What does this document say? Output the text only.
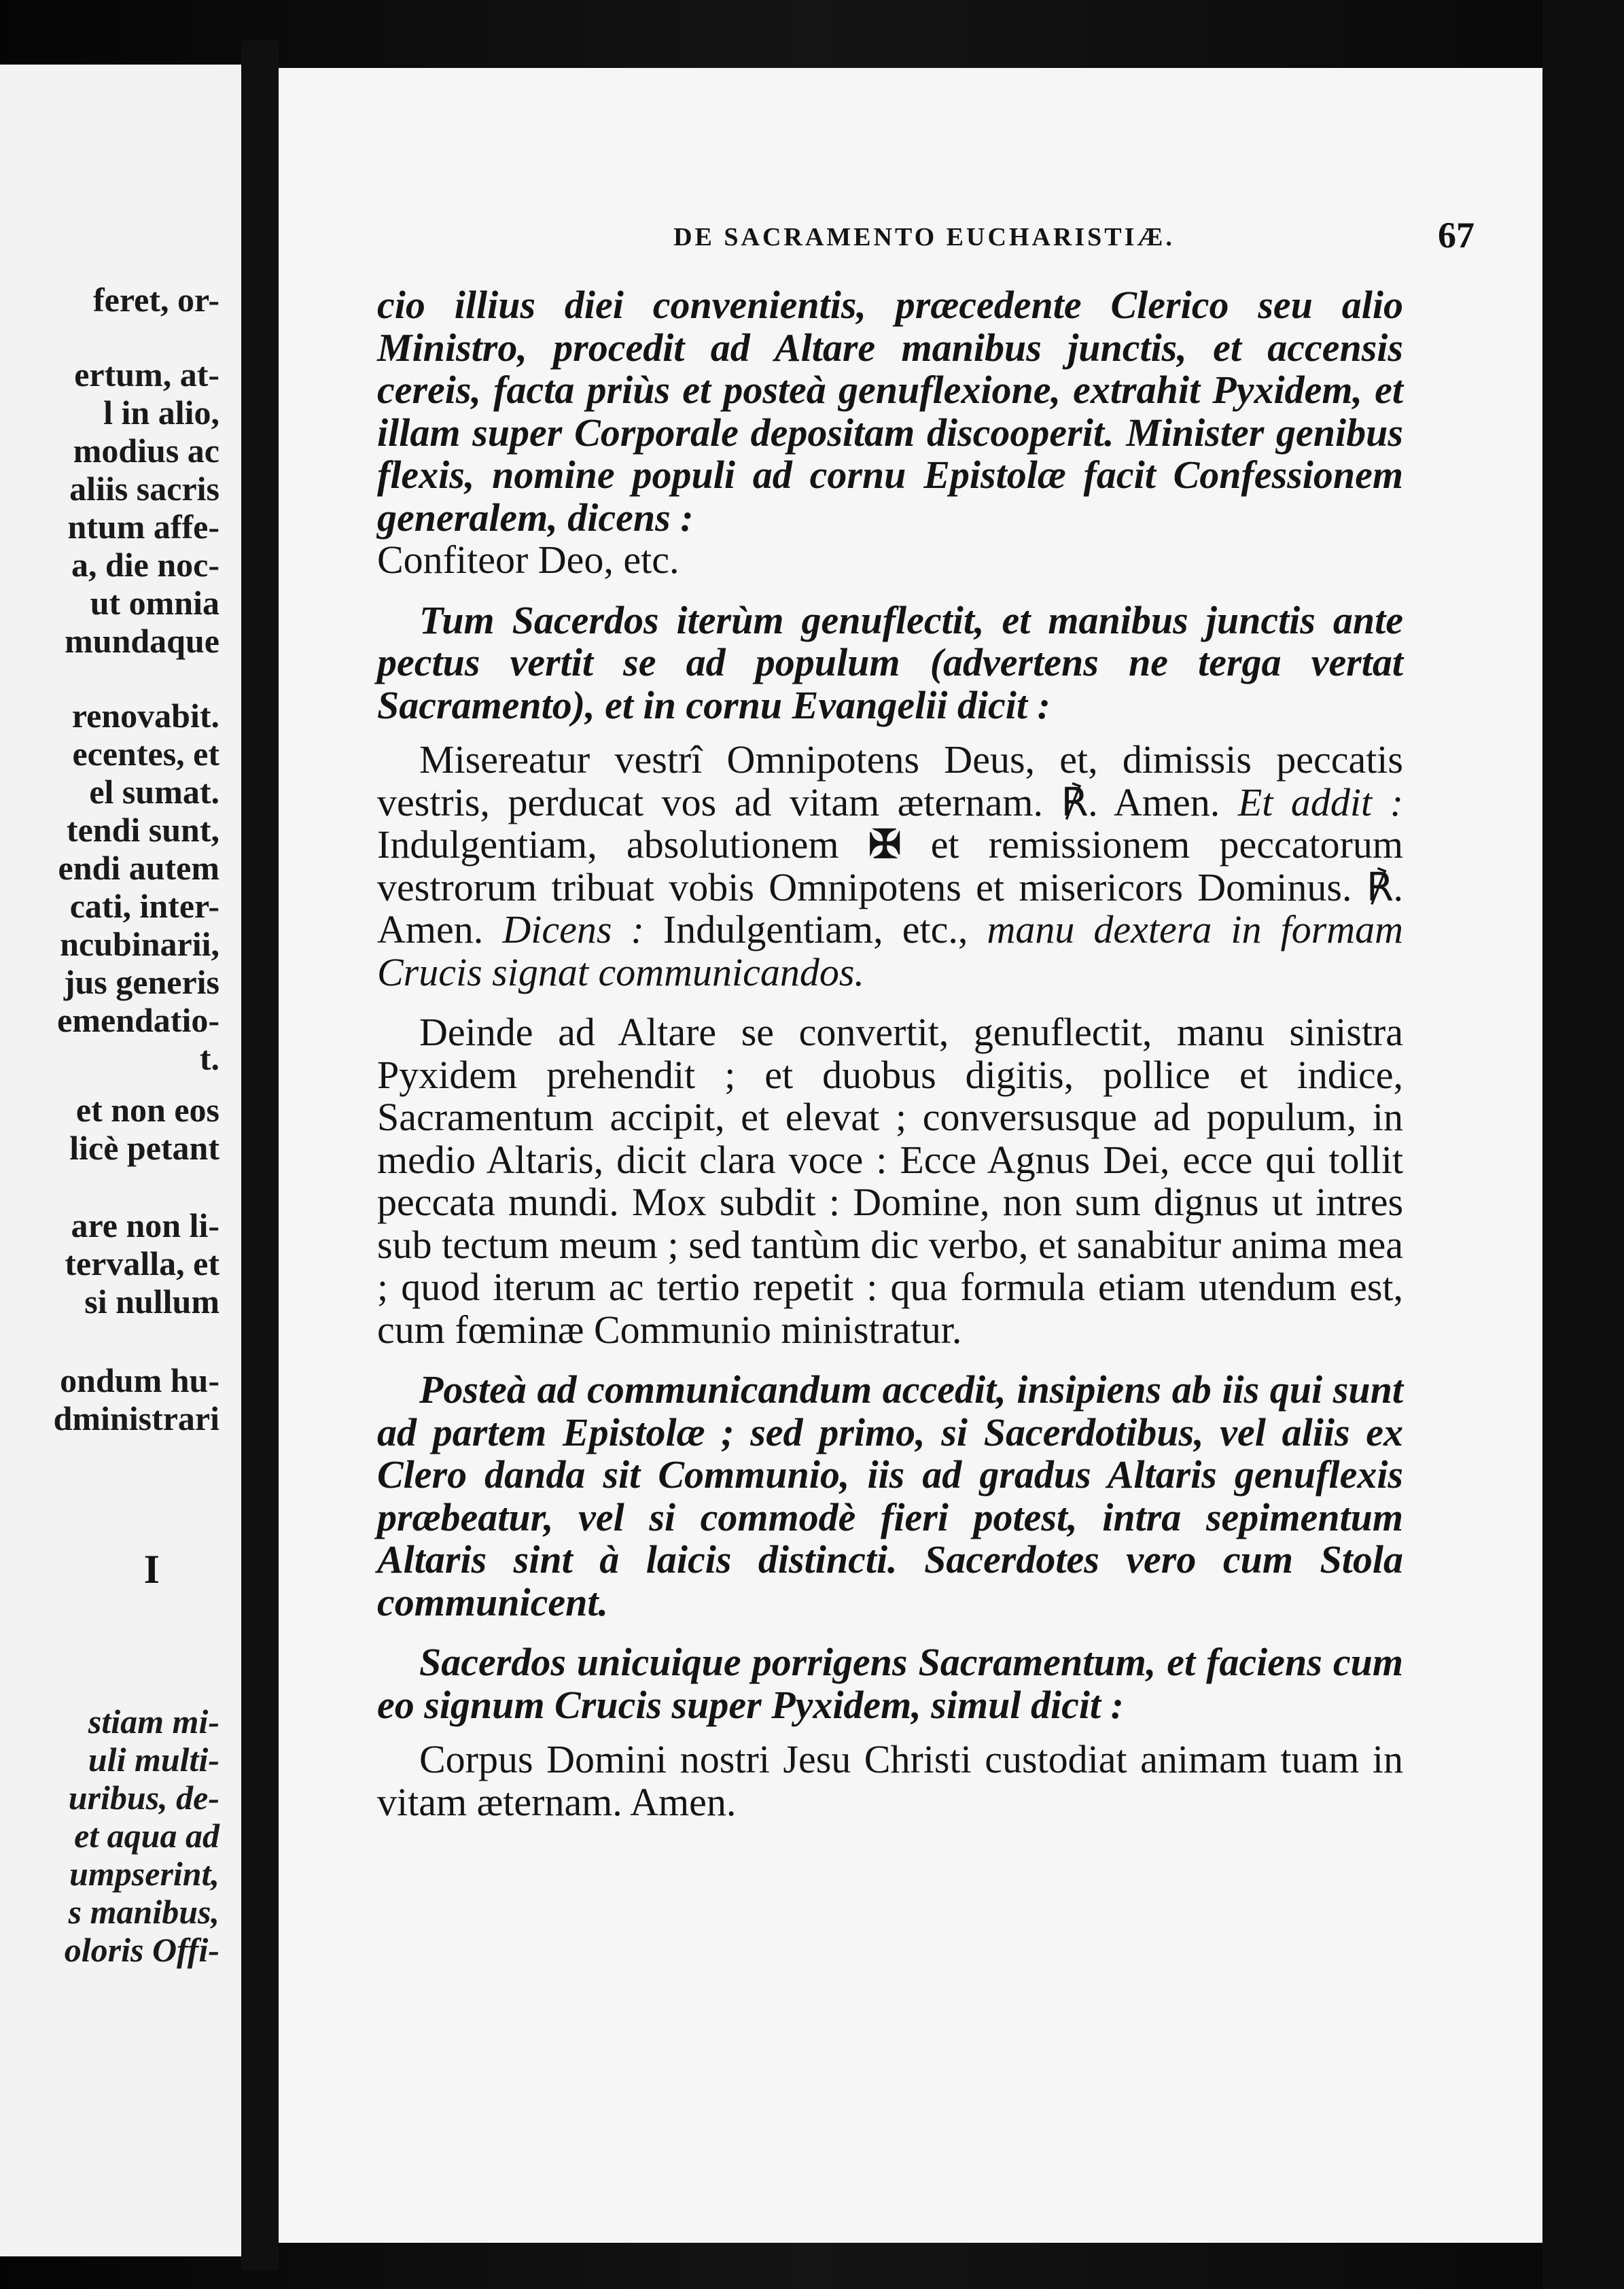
feret, or-
ertum, at-
l in alio,
modius ac
aliis sacris
ntum affe-
a, die noc-
ut omnia
mundaque
renovabit.
ecentes, et
el sumat.
tendi sunt,
endi autem
cati, inter-
ncubinarii,
jus generis
emendatio-
t.
et non eos
licè petant
are non li-
tervalla, et
si nullum
ondum hu-
dministrari
I
stiam mi-
uli multi-
uribus, de-
et aqua ad
umpserint,
s manibus,
oloris Offi-
DE SACRAMENTO EUCHARISTIÆ.	67

cio illius diei convenientis, præcedente Clerico seu alio Ministro, procedit ad Altare manibus junctis, et accensis cereis, facta priùs et posteà genuflexione, extrahit Pyxidem, et illam super Corporale depositam discooperit. Minister genibus flexis, nomine populi ad cornu Epistolæ facit Confessionem generalem, dicens :

Confiteor Deo, etc.

Tum Sacerdos iterùm genuflectit, et manibus junctis ante pectus vertit se ad populum (advertens ne terga vertat Sacramento), et in cornu Evangelii dicit :

Misereatur vestrî Omnipotens Deus, et, dimissis peccatis vestris, perducat vos ad vitam æternam. ℟. Amen. Et addit : Indulgentiam, absolutionem ✠ et remissionem peccatorum vestrorum tribuat vobis Omnipotens et misericors Dominus. ℟. Amen. Dicens : Indulgentiam, etc., manu dextera in formam Crucis signat communicandos.

Deinde ad Altare se convertit, genuflectit, manu sinistra Pyxidem prehendit ; et duobus digitis, pollice et indice, Sacramentum accipit, et elevat ; conversusque ad populum, in medio Altaris, dicit clara voce : Ecce Agnus Dei, ecce qui tollit peccata mundi. Mox subdit : Domine, non sum dignus ut intres sub tectum meum ; sed tantùm dic verbo, et sanabitur anima mea ; quod iterum ac tertio repetit : qua formula etiam utendum est, cum fœminæ Communio ministratur.

Posteà ad communicandum accedit, insipiens ab iis qui sunt ad partem Epistolæ ; sed primo, si Sacerdotibus, vel aliis ex Clero danda sit Communio, iis ad gradus Altaris genuflexis præbeatur, vel si commodè fieri potest, intra sepimentum Altaris sint à laicis distincti. Sacerdotes vero cum Stola communicent.

Sacerdos unicuique porrigens Sacramentum, et faciens cum eo signum Crucis super Pyxidem, simul dicit :

Corpus Domini nostri Jesu Christi custodiat animam tuam in vitam æternam. Amen.
